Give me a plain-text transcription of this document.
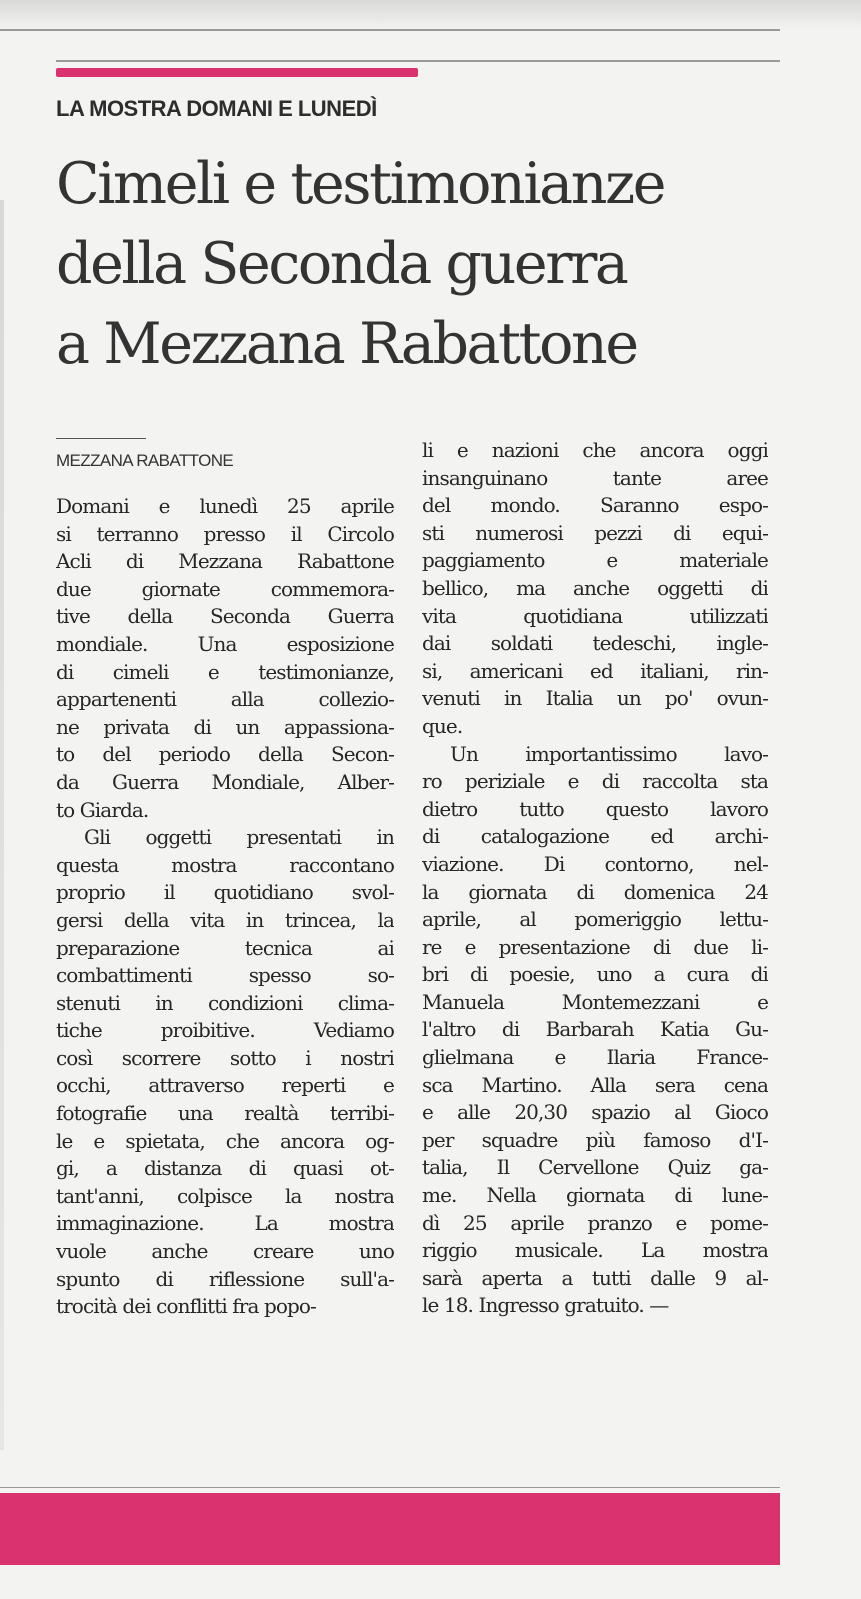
LA MOSTRA DOMANI E LUNEDÌ
Cimeli e testimonianze
della Seconda guerra
a Mezzana Rabattone
MEZZANA RABATTONE
Domani e lunedì 25 aprile
si terranno presso il Circolo
Acli di Mezzana Rabattone
due giornate commemora-
tive della Seconda Guerra
mondiale. Una esposizione
di cimeli e testimonianze,
appartenenti alla collezio-
ne privata di un appassiona-
to del periodo della Secon-
da Guerra Mondiale, Alber-
to Giarda.
Gli oggetti presentati in
questa mostra raccontano
proprio il quotidiano svol-
gersi della vita in trincea, la
preparazione tecnica ai
combattimenti spesso so-
stenuti in condizioni clima-
tiche proibitive. Vediamo
così scorrere sotto i nostri
occhi, attraverso reperti e
fotografie una realtà terribi-
le e spietata, che ancora og-
gi, a distanza di quasi ot-
tant'anni, colpisce la nostra
immaginazione. La mostra
vuole anche creare uno
spunto di riflessione sull'a-
trocità dei conflitti fra popo-
li e nazioni che ancora oggi
insanguinano tante aree
del mondo. Saranno espo-
sti numerosi pezzi di equi-
paggiamento e materiale
bellico, ma anche oggetti di
vita quotidiana utilizzati
dai soldati tedeschi, ingle-
si, americani ed italiani, rin-
venuti in Italia un po' ovun-
que.
Un importantissimo lavo-
ro periziale e di raccolta sta
dietro tutto questo lavoro
di catalogazione ed archi-
viazione. Di contorno, nel-
la giornata di domenica 24
aprile, al pomeriggio lettu-
re e presentazione di due li-
bri di poesie, uno a cura di
Manuela Montemezzani e
l'altro di Barbarah Katia Gu-
glielmana e Ilaria France-
sca Martino. Alla sera cena
e alle 20,30 spazio al Gioco
per squadre più famoso d'I-
talia, Il Cervellone Quiz ga-
me. Nella giornata di lune-
dì 25 aprile pranzo e pome-
riggio musicale. La mostra
sarà aperta a tutti dalle 9 al-
le 18. Ingresso gratuito. —
